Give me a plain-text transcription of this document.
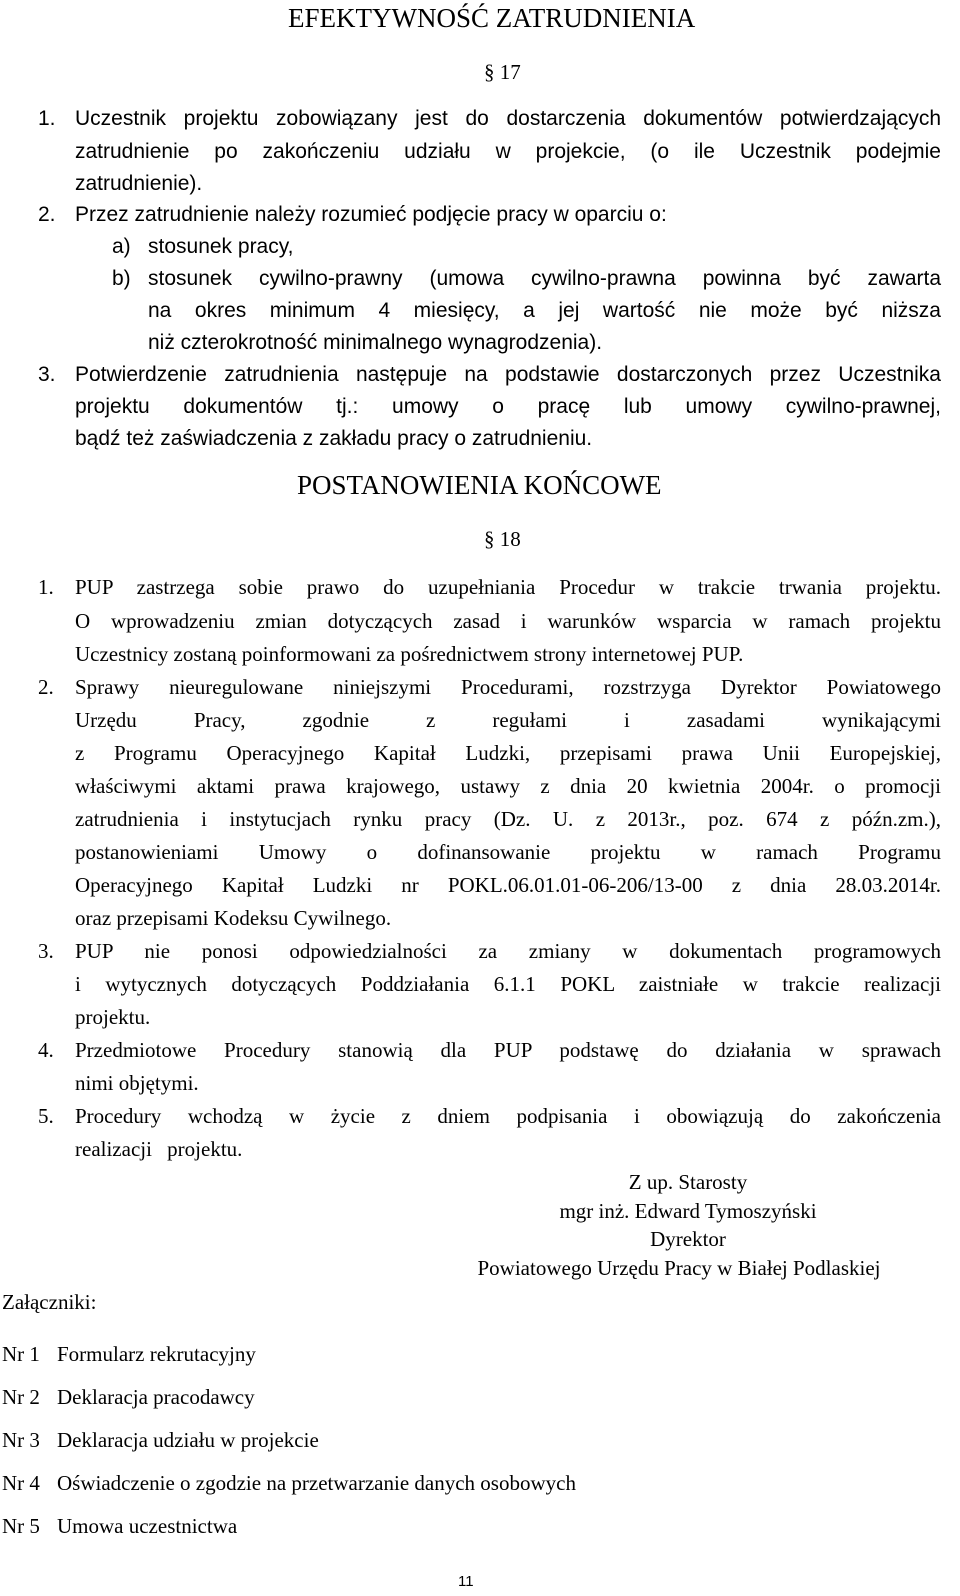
EFEKTYWNOŚĆ ZATRUDNIENIA
§ 17
1. Uczestnik projektu zobowiązany jest do dostarczenia dokumentów potwierdzających
zatrudnienie po zakończeniu udziału w projekcie, (o ile Uczestnik podejmie
zatrudnienie).
2. Przez zatrudnienie należy rozumieć podjęcie pracy w oparciu o:
a) stosunek pracy,
b) stosunek cywilno-prawny (umowa cywilno-prawna powinna być zawarta
na okres minimum 4 miesięcy, a jej wartość nie może być niższa
niż czterokrotność minimalnego wynagrodzenia).
3. Potwierdzenie zatrudnienia następuje na podstawie dostarczonych przez Uczestnika
projektu dokumentów tj.: umowy o pracę lub umowy cywilno-prawnej,
bądź też zaświadczenia z zakładu pracy o zatrudnieniu.
POSTANOWIENIA KOŃCOWE
§ 18
1. PUP zastrzega sobie prawo do uzupełniania Procedur w trakcie trwania projektu.
O wprowadzeniu zmian dotyczących zasad i warunków wsparcia w ramach projektu
Uczestnicy zostaną poinformowani za pośrednictwem strony internetowej PUP.
2. Sprawy nieuregulowane niniejszymi Procedurami, rozstrzyga Dyrektor Powiatowego
Urzędu Pracy, zgodnie z regułami i zasadami wynikającymi
z Programu Operacyjnego Kapitał Ludzki, przepisami prawa Unii Europejskiej,
właściwymi aktami prawa krajowego, ustawy z dnia 20 kwietnia 2004r. o promocji
zatrudnienia i instytucjach rynku pracy (Dz. U. z 2013r., poz. 674 z późn.zm.),
postanowieniami Umowy o dofinansowanie projektu w ramach Programu
Operacyjnego Kapitał Ludzki nr POKL.06.01.01-06-206/13-00 z dnia 28.03.2014r.
oraz przepisami Kodeksu Cywilnego.
3. PUP nie ponosi odpowiedzialności za zmiany w dokumentach programowych
i wytycznych dotyczących Poddziałania 6.1.1 POKL zaistniałe w trakcie realizacji
projektu.
4. Przedmiotowe Procedury stanowią dla PUP podstawę do działania w sprawach
nimi objętymi.
5. Procedury wchodzą w życie z dniem podpisania i obowiązują do zakończenia
realizacji projektu.
Z up. Starosty
mgr inż. Edward Tymoszyński
Dyrektor
Powiatowego Urzędu Pracy w Białej Podlaskiej
Załączniki:
Nr 1 Formularz rekrutacyjny
Nr 2 Deklaracja pracodawcy
Nr 3 Deklaracja udziału w projekcie
Nr 4 Oświadczenie o zgodzie na przetwarzanie danych osobowych
Nr 5 Umowa uczestnictwa
11
